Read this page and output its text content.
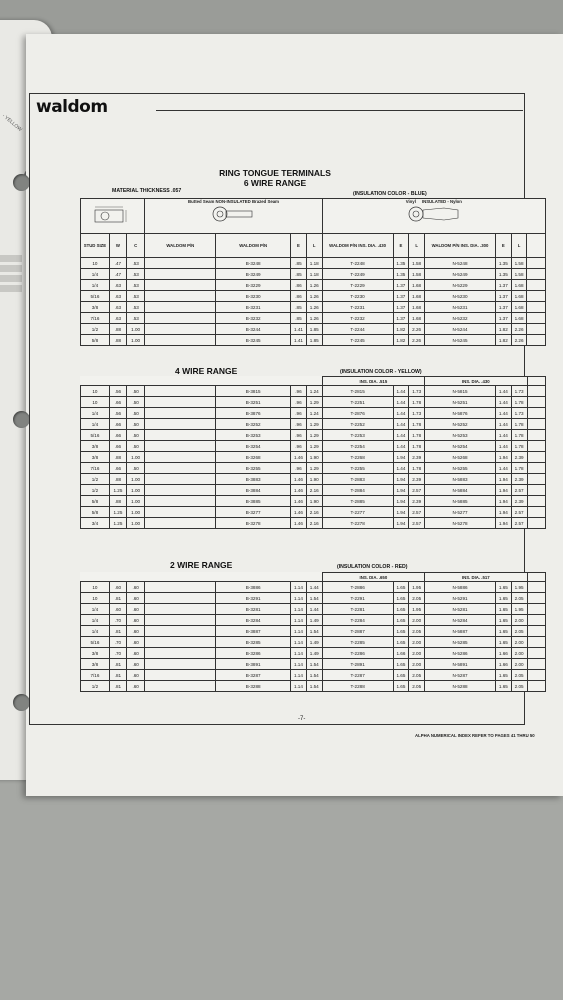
- YELLOW
waldom
RING TONGUE TERMINALS
6 WIRE RANGE
MATERIAL THICKNESS .057	(INSULATION COLOR - BLUE)

Butted Seam NON-INSULATED Brazed Seam				Vinyl INSULATED - Nylon						

STUD SIZE	W	C	WALDOM P/N	WALDOM P/N	E	L	WALDOM P/N INS. DIA. .430	E	L	WALDOM P/N INS. DIA. .300	E	L	
10	.47	.53		B-3248	.85	1.18	T-2248	1.35	1.58	N-5248	1.35	1.58	
1/4	.47	.53		B-3249	.85	1.18	T-2249	1.35	1.58	N-5249	1.35	1.58	
1/4	.63	.53		B-3229	.86	1.26	T-2229	1.37	1.68	N-5229	1.37	1.68	
5/16	.63	.53		B-3230	.86	1.26	T-2230	1.37	1.68	N-5230	1.37	1.68	
3/8	.63	.53		B-3231	.85	1.26	T-2231	1.37	1.68	N-5231	1.37	1.68	
7/16	.63	.53		B-3232	.85	1.26	T-2232	1.37	1.68	N-5232	1.37	1.68	
1/2	.88	1.00		B-3244	1.41	1.85	T-2244	1.82	2.26	N-5244	1.82	2.26	
5/8	.88	1.00		B-3245	1.41	1.85	T-2245	1.82	2.26	N-5245	1.82	2.26	
4 WIRE RANGE	(INSULATION COLOR - YELLOW)
							INS. DIA. .515			INS. DIA. .430			
10	.56	.50		B-3815	.96	1.24	T-2815	1.44	1.73	N-5815	1.44	1.73	
10	.66	.50		B-3251	.96	1.29	T-2251	1.44	1.78	N-5251	1.44	1.78	
1/4	.56	.50		B-3876	.96	1.24	T-2876	1.44	1.73	N-5876	1.44	1.73	
1/4	.66	.50		B-3252	.96	1.29	T-2252	1.44	1.78	N-5252	1.44	1.78	
5/16	.66	.50		B-3253	.96	1.29	T-2253	1.44	1.78	N-5253	1.44	1.78	
3/8	.66	.50		B-3254	.96	1.29	T-2254	1.44	1.78	N-5254	1.44	1.78	
3/8	.88	1.00		B-3268	1.46	1.90	T-2268	1.94	2.39	N-5268	1.94	2.39	
7/16	.66	.50		B-3255	.96	1.29	T-2255	1.44	1.78	N-5255	1.44	1.78	
1/2	.88	1.00		B-3883	1.46	1.90	T-2883	1.94	2.39	N-5883	1.94	2.39	
1/2	1.25	1.00		B-3884	1.46	2.16	T-2884	1.94	2.57	N-5884	1.94	2.57	
5/8	.88	1.00		B-3885	1.46	1.90	T-2885	1.94	2.39	N-5885	1.94	2.39	
5/8	1.25	1.00		B-3277	1.46	2.16	T-2277	1.94	2.57	N-5277	1.94	2.57	
3/4	1.25	1.00		B-3278	1.46	2.16	T-2278	1.94	2.57	N-5278	1.94	2.57	
2 WIRE RANGE	(INSULATION COLOR - RED)
							INS. DIA. .650			INS. DIA. .517			
10	.60	.60		B-3886	1.14	1.44	T-2886	1.65	1.95	N-5886	1.65	1.95	
10	.81	.60		B-3291	1.14	1.54	T-2291	1.65	2.05	N-5291	1.65	2.05	
1/4	.60	.60		B-3281	1.14	1.44	T-2281	1.65	1.95	N-5281	1.65	1.95	
1/4	.70	.60		B-3284	1.14	1.49	T-2284	1.65	2.00	N-5284	1.65	2.00	
1/4	.81	.60		B-3887	1.14	1.54	T-2887	1.65	2.05	N-5887	1.65	2.05	
5/16	.70	.60		B-3285	1.14	1.49	T-2285	1.65	2.00	N-5285	1.65	2.00	
3/8	.70	.60		B-3286	1.14	1.49	T-2286	1.66	2.00	N-5286	1.66	2.00	
3/8	.81	.60		B-3891	1.14	1.54	T-2891	1.65	2.00	N-5891	1.66	2.00	
7/16	.81	.60		B-3287	1.14	1.54	T-2287	1.65	2.05	N-5287	1.65	2.05	
1/2	.81	.60		B-3288	1.14	1.54	T-2288	1.65	2.05	N-5288	1.65	2.05	
-7-
ALPHA NUMERICAL INDEX REFER TO PAGES 41 THRU 50
